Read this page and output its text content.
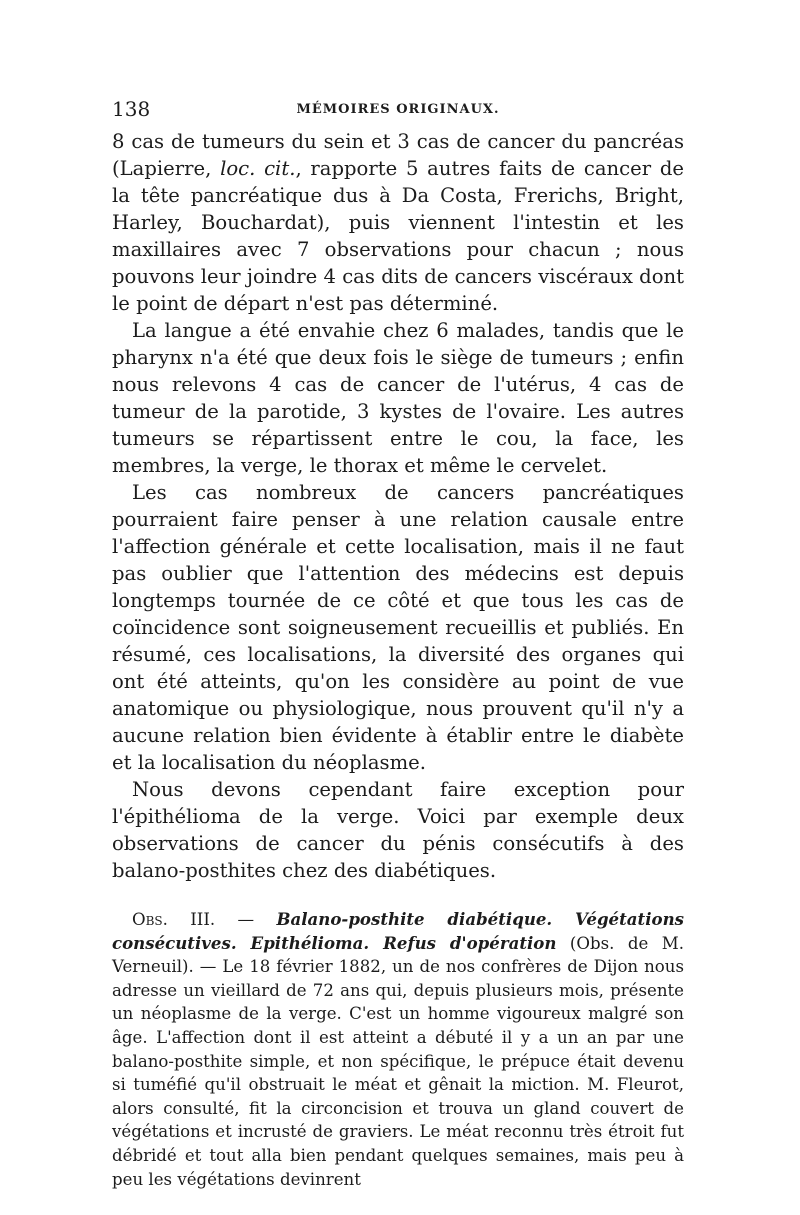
138	MÉMOIRES ORIGINAUX.

8 cas de tumeurs du sein et 3 cas de cancer du pancréas (Lapierre, loc. cit., rapporte 5 autres faits de cancer de la tête pancréatique dus à Da Costa, Frerichs, Bright, Harley, Bouchardat), puis viennent l'intestin et les maxillaires avec 7 observations pour chacun ; nous pouvons leur joindre 4 cas dits de cancers viscéraux dont le point de départ n'est pas déterminé.

La langue a été envahie chez 6 malades, tandis que le pharynx n'a été que deux fois le siège de tumeurs ; enfin nous relevons 4 cas de cancer de l'utérus, 4 cas de tumeur de la parotide, 3 kystes de l'ovaire. Les autres tumeurs se répartissent entre le cou, la face, les membres, la verge, le thorax et même le cervelet.

Les cas nombreux de cancers pancréatiques pourraient faire penser à une relation causale entre l'affection générale et cette localisation, mais il ne faut pas oublier que l'attention des médecins est depuis longtemps tournée de ce côté et que tous les cas de coïncidence sont soigneusement recueillis et publiés. En résumé, ces localisations, la diversité des organes qui ont été atteints, qu'on les considère au point de vue anatomique ou physiologique, nous prouvent qu'il n'y a aucune relation bien évidente à établir entre le diabète et la localisation du néoplasme.

Nous devons cependant faire exception pour l'épithélioma de la verge. Voici par exemple deux observations de cancer du pénis consécutifs à des balano-posthites chez des diabétiques.

Obs. III. — Balano-posthite diabétique. Végétations consécutives. Epithélioma. Refus d'opération (Obs. de M. Verneuil). — Le 18 février 1882, un de nos confrères de Dijon nous adresse un vieillard de 72 ans qui, depuis plusieurs mois, présente un néoplasme de la verge. C'est un homme vigoureux malgré son âge. L'affection dont il est atteint a débuté il y a un an par une balano-posthite simple, et non spécifique, le prépuce était devenu si tuméfié qu'il obstruait le méat et gênait la miction. M. Fleurot, alors consulté, fit la circoncision et trouva un gland couvert de végétations et incrusté de graviers. Le méat reconnu très étroit fut débridé et tout alla bien pendant quelques semaines, mais peu à peu les végétations devinrent
